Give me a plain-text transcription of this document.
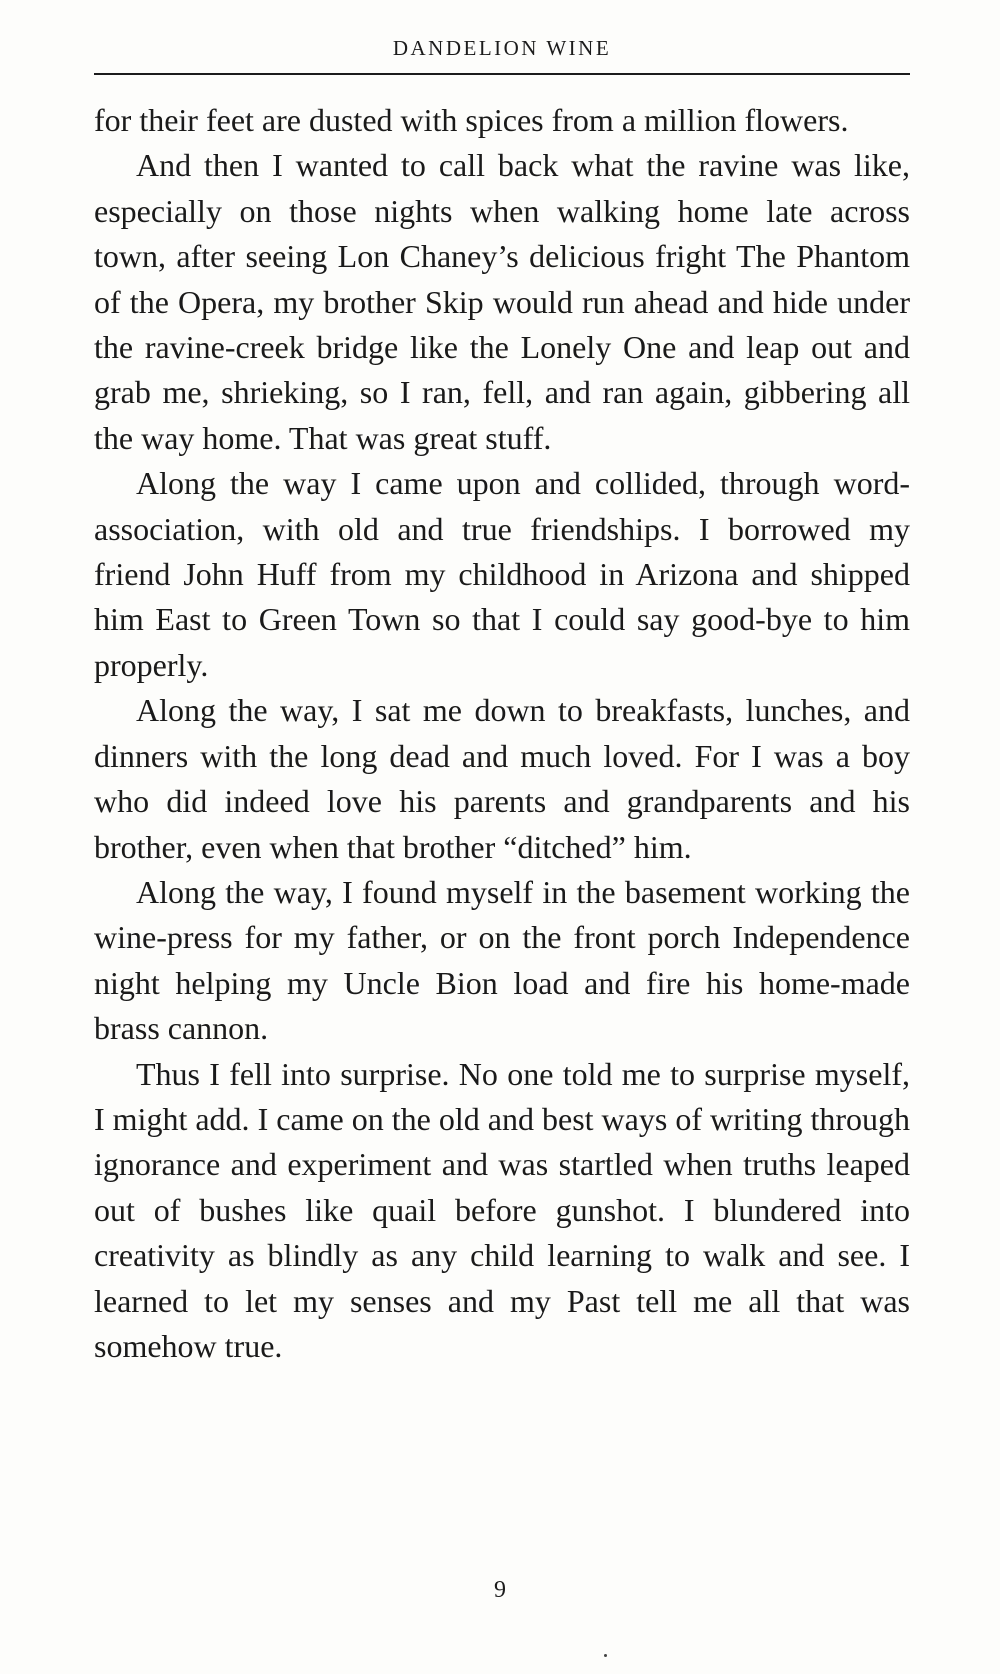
DANDELION WINE

for their feet are dusted with spices from a million flowers.

And then I wanted to call back what the ravine was like, especially on those nights when walking home late across town, after seeing Lon Chaney’s delicious fright The Phantom of the Opera, my brother Skip would run ahead and hide under the ravine-creek bridge like the Lonely One and leap out and grab me, shrieking, so I ran, fell, and ran again, gibbering all the way home. That was great stuff.

Along the way I came upon and collided, through word-association, with old and true friendships. I borrowed my friend John Huff from my childhood in Arizona and shipped him East to Green Town so that I could say good-bye to him properly.

Along the way, I sat me down to breakfasts, lunches, and dinners with the long dead and much loved. For I was a boy who did indeed love his parents and grandparents and his brother, even when that brother “ditched” him.

Along the way, I found myself in the basement working the wine-press for my father, or on the front porch Independence night helping my Uncle Bion load and fire his home-made brass cannon.

Thus I fell into surprise. No one told me to surprise myself, I might add. I came on the old and best ways of writing through ignorance and experiment and was startled when truths leaped out of bushes like quail before gunshot. I blundered into creativity as blindly as any child learning to walk and see. I learned to let my senses and my Past tell me all that was somehow true.

9
